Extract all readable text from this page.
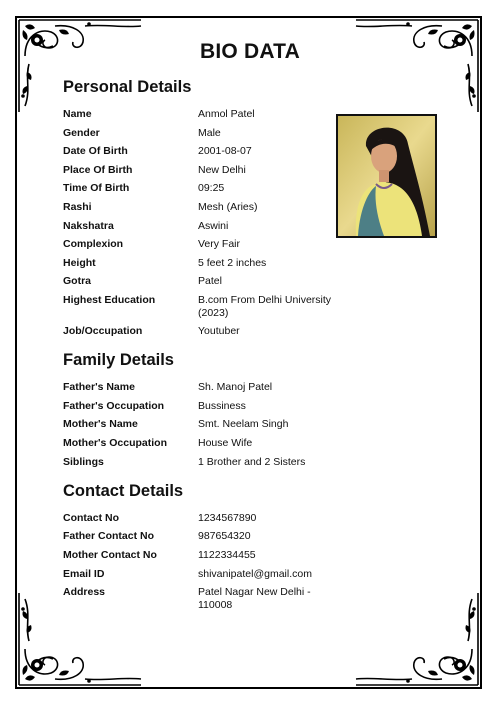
BIO DATA
Personal Details
Name	Anmol Patel
Gender	Male
Date Of Birth	2001-08-07
Place Of Birth	New Delhi
Time Of Birth	09:25
Rashi	Mesh (Aries)
Nakshatra	Aswini
Complexion	Very Fair
Height	5 feet 2 inches
Gotra	Patel
Highest Education	B.com From Delhi University (2023)
Job/Occupation	Youtuber
Family Details
Father's Name	Sh. Manoj Patel
Father's Occupation	Bussiness
Mother's Name	Smt. Neelam Singh
Mother's Occupation	House Wife
Siblings	1 Brother and 2 Sisters
Contact Details
Contact No	1234567890
Father Contact No	987654320
Mother Contact No	1122334455
Email ID	shivanipatel@gmail.com
Address	Patel Nagar New Delhi - 110008
